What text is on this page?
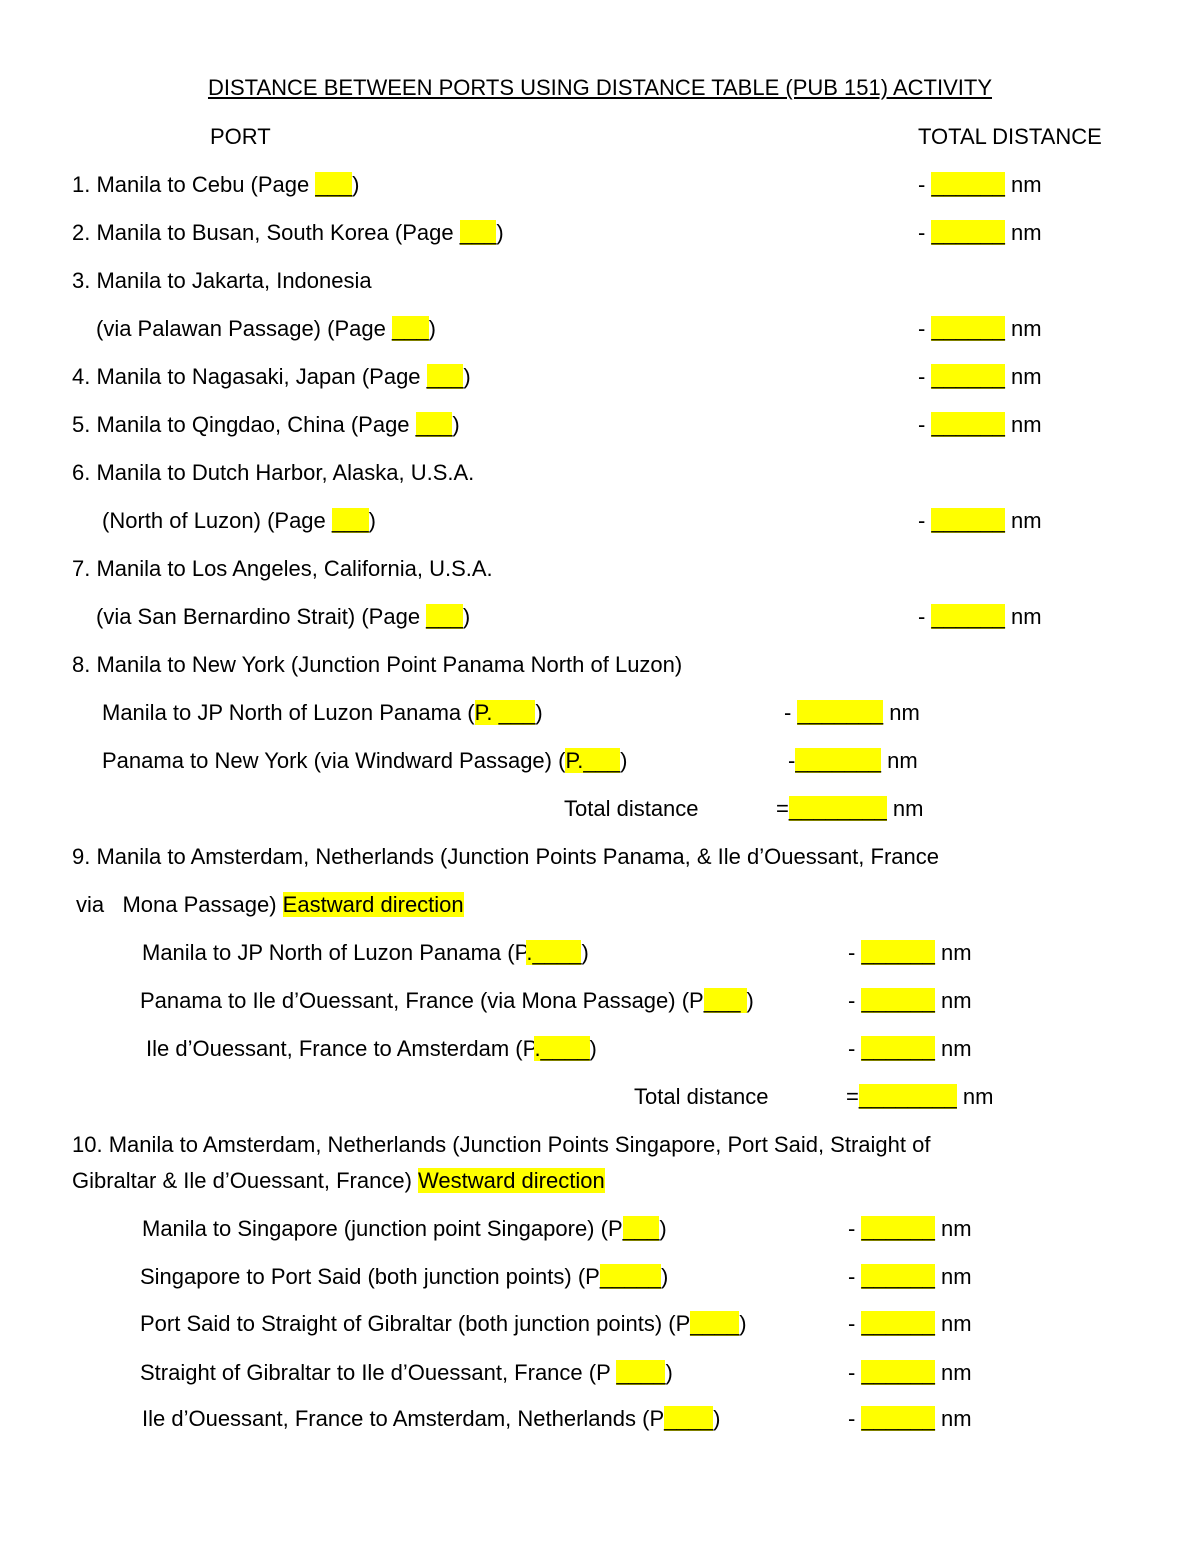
DISTANCE BETWEEN PORTS USING DISTANCE TABLE (PUB 151) ACTIVITY
PORT	TOTAL DISTANCE
1. Manila to Cebu (Page ___)	- ______ nm
2. Manila to Busan, South Korea (Page ___)	- ______ nm
3. Manila to Jakarta, Indonesia
(via Palawan Passage) (Page ___)	- ______ nm
4. Manila to Nagasaki, Japan (Page ___)	- ______ nm
5. Manila to Qingdao, China (Page ___)	- ______ nm
6. Manila to Dutch Harbor, Alaska, U.S.A.
(North of Luzon) (Page ___)	- ______ nm
7. Manila to Los Angeles, California, U.S.A.
(via San Bernardino Strait) (Page ___)	- ______ nm
8. Manila to New York (Junction Point Panama North of Luzon)
Manila to JP North of Luzon Panama (P. ___)	- _______ nm
Panama to New York (via Windward Passage) (P.___)	-_______ nm
Total distance	=________ nm
9. Manila to Amsterdam, Netherlands (Junction Points Panama, & Ile d’Ouessant, France
via   Mona Passage) Eastward direction
Manila to JP North of Luzon Panama (P.____)	- ______ nm
Panama to Ile d’Ouessant, France (via Mona Passage) (P___ )	- ______ nm
Ile d’Ouessant, France to Amsterdam (P.____)	- ______ nm
Total distance	=________ nm
10. Manila to Amsterdam, Netherlands (Junction Points Singapore, Port Said, Straight of
Gibraltar & Ile d’Ouessant, France) Westward direction
Manila to Singapore (junction point Singapore) (P___)	- ______ nm
Singapore to Port Said (both junction points) (P_____)	- ______ nm
Port Said to Straight of Gibraltar (both junction points) (P____)	- ______ nm
Straight of Gibraltar to Ile d’Ouessant, France (P ____)	- ______ nm
Ile d’Ouessant, France to Amsterdam, Netherlands (P____)	- ______ nm
